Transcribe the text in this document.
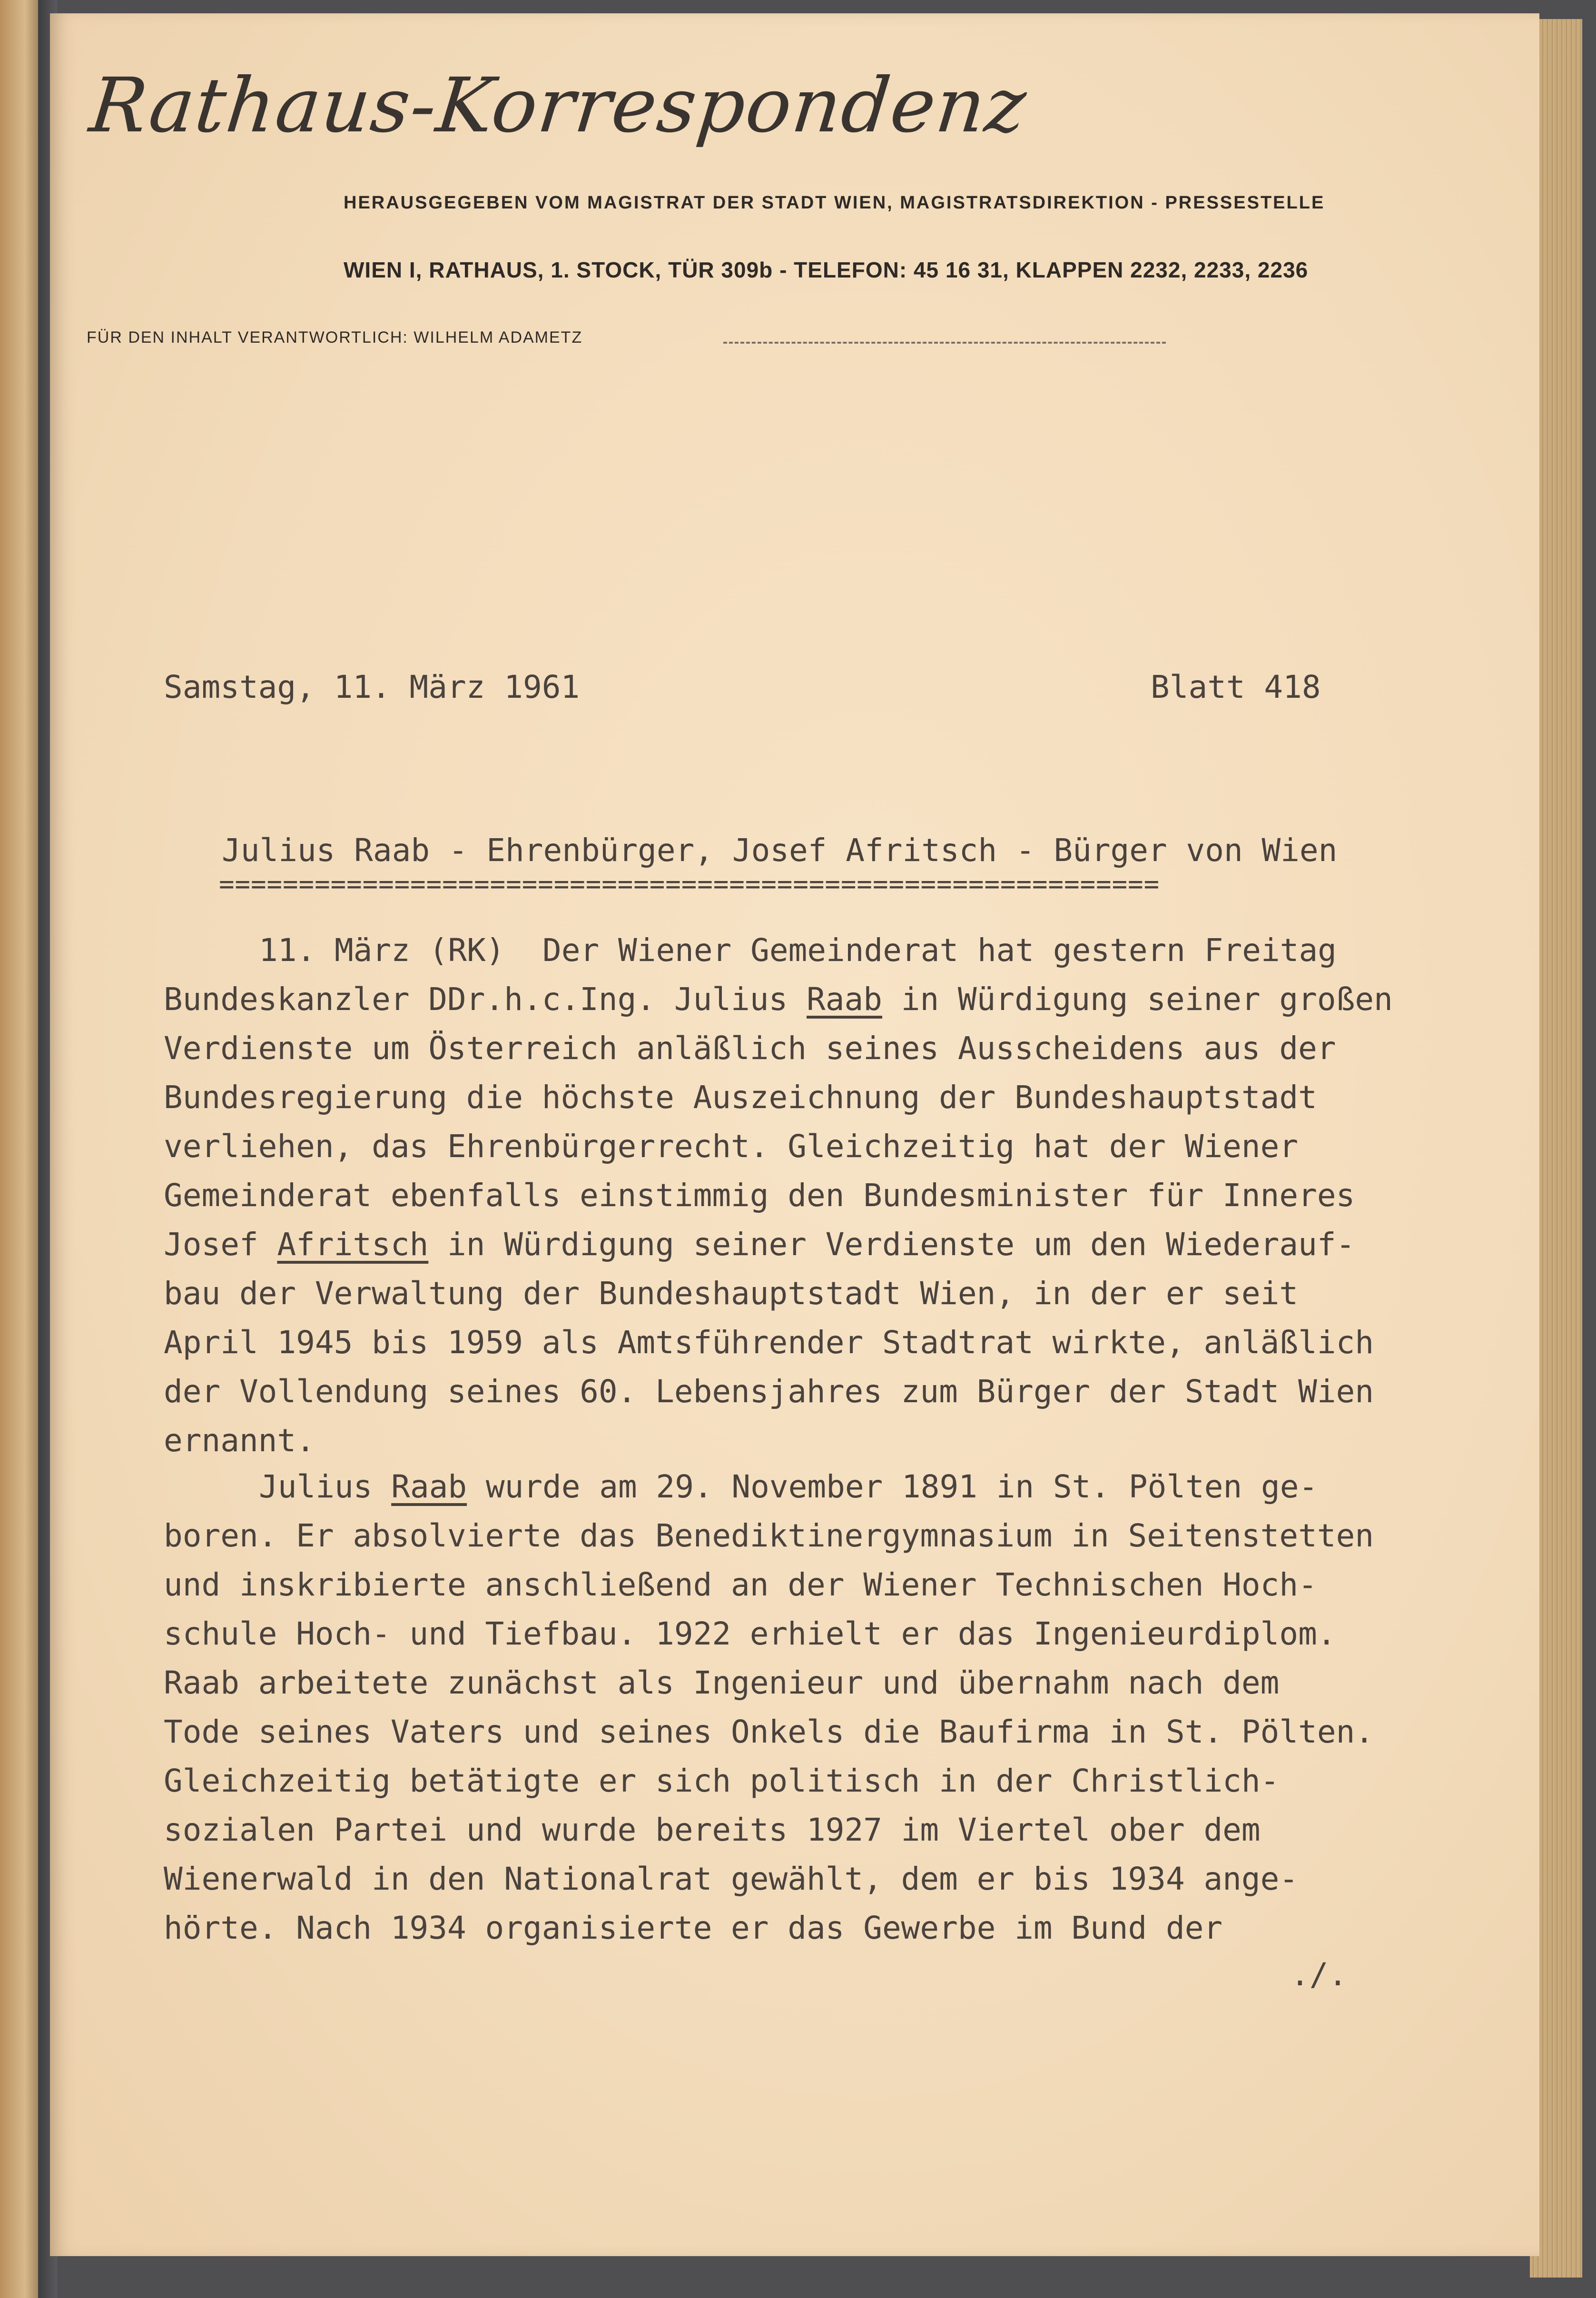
Rathaus-Korrespondenz
HERAUSGEGEBEN VOM MAGISTRAT DER STADT WIEN, MAGISTRATSDIREKTION - PRESSESTELLE
WIEN I, RATHAUS, 1. STOCK, TÜR 309b - TELEFON: 45 16 31, KLAPPEN 2232, 2233, 2236
FÜR DEN INHALT VERANTWORTLICH: WILHELM ADAMETZ
Samstag, 11. März 1961	Blatt 418
Julius Raab - Ehrenbürger, Josef Afritsch - Bürger von Wien
===========================================================
11. März (RK)  Der Wiener Gemeinderat hat gestern Freitag
Bundeskanzler DDr.h.c.Ing. Julius Raab in Würdigung seiner großen
Verdienste um Österreich anläßlich seines Ausscheidens aus der
Bundesregierung die höchste Auszeichnung der Bundeshauptstadt
verliehen, das Ehrenbürgerrecht. Gleichzeitig hat der Wiener
Gemeinderat ebenfalls einstimmig den Bundesminister für Inneres
Josef Afritsch in Würdigung seiner Verdienste um den Wiederauf-
bau der Verwaltung der Bundeshauptstadt Wien, in der er seit
April 1945 bis 1959 als Amtsführender Stadtrat wirkte, anläßlich
der Vollendung seines 60. Lebensjahres zum Bürger der Stadt Wien
ernannt.
Julius Raab wurde am 29. November 1891 in St. Pölten ge-
boren. Er absolvierte das Benediktinergymnasium in Seitenstetten
und inskribierte anschließend an der Wiener Technischen Hoch-
schule Hoch- und Tiefbau. 1922 erhielt er das Ingenieurdiplom.
Raab arbeitete zunächst als Ingenieur und übernahm nach dem
Tode seines Vaters und seines Onkels die Baufirma in St. Pölten.
Gleichzeitig betätigte er sich politisch in der Christlich-
sozialen Partei und wurde bereits 1927 im Viertel ober dem
Wienerwald in den Nationalrat gewählt, dem er bis 1934 ange-
hörte. Nach 1934 organisierte er das Gewerbe im Bund der
./.
